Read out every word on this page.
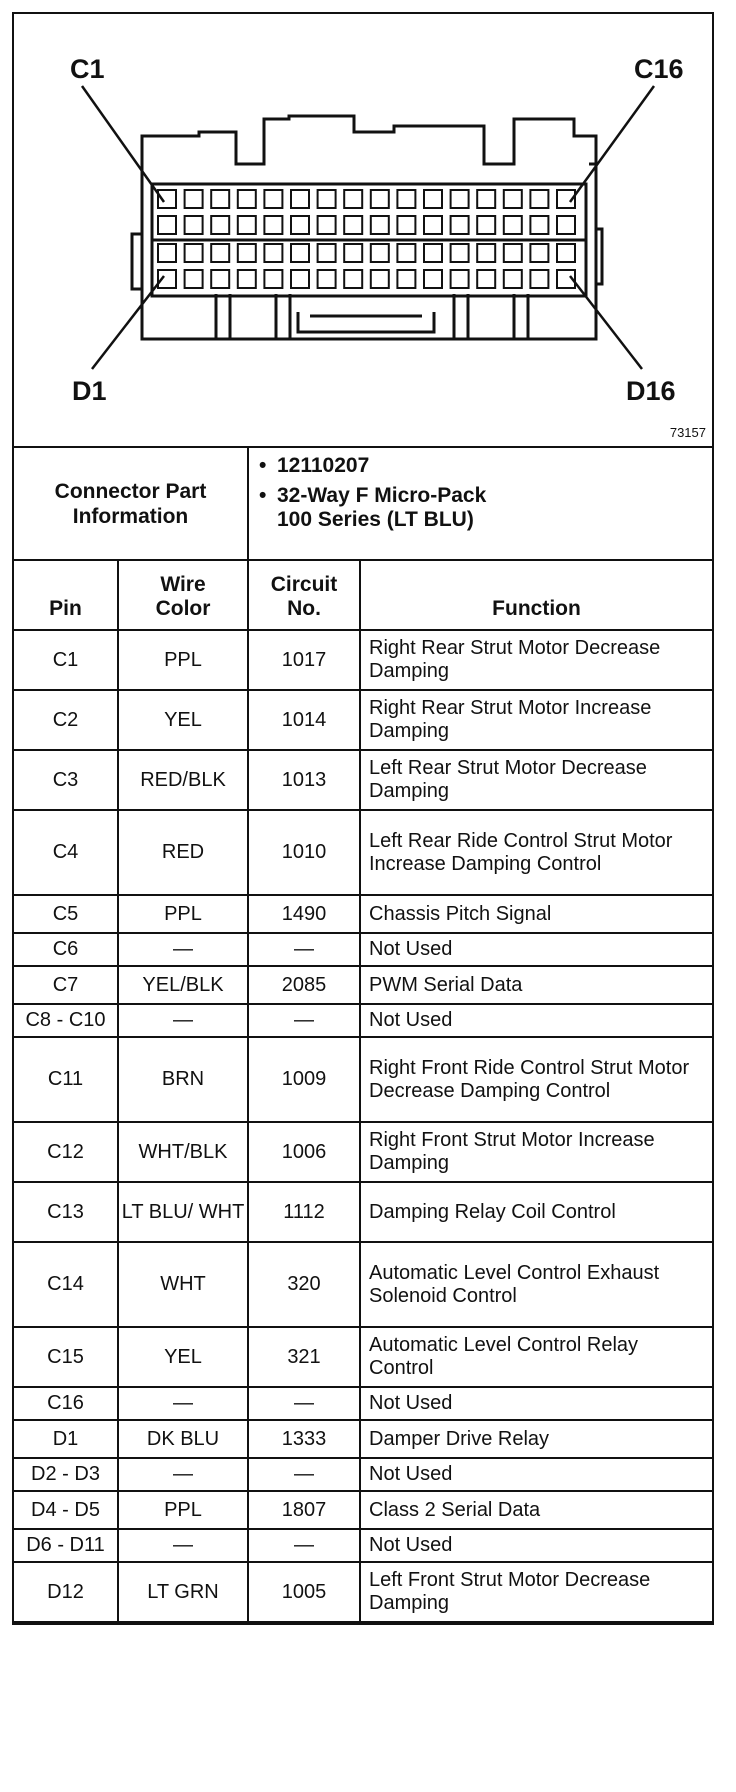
C1	C16
D1	D16
73157
Connector Part Information		• 12110207
• 32-Way F Micro-Pack
100 Series (LT BLU)	

Pin	Wire Color	Circuit No.	Function
C1	PPL	1017	Right Rear Strut Motor Decrease Damping
C2	YEL	1014	Right Rear Strut Motor Increase Damping
C3	RED/BLK	1013	Left Rear Strut Motor Decrease Damping
C4	RED	1010	Left Rear Ride Control Strut Motor Increase Damping Control
C5	PPL	1490	Chassis Pitch Signal
C6	—	—	Not Used
C7	YEL/BLK	2085	PWM Serial Data
C8 - C10	—	—	Not Used
C11	BRN	1009	Right Front Ride Control Strut Motor Decrease Damping Control
C12	WHT/BLK	1006	Right Front Strut Motor Increase Damping
C13	LT BLU/ WHT	1112	Damping Relay Coil Control
C14	WHT	320	Automatic Level Control Exhaust Solenoid Control
C15	YEL	321	Automatic Level Control Relay Control
C16	—	—	Not Used
D1	DK BLU	1333	Damper Drive Relay
D2 - D3	—	—	Not Used
D4 - D5	PPL	1807	Class 2 Serial Data
D6 - D11	—	—	Not Used
D12	LT GRN	1005	Left Front Strut Motor Decrease Damping
